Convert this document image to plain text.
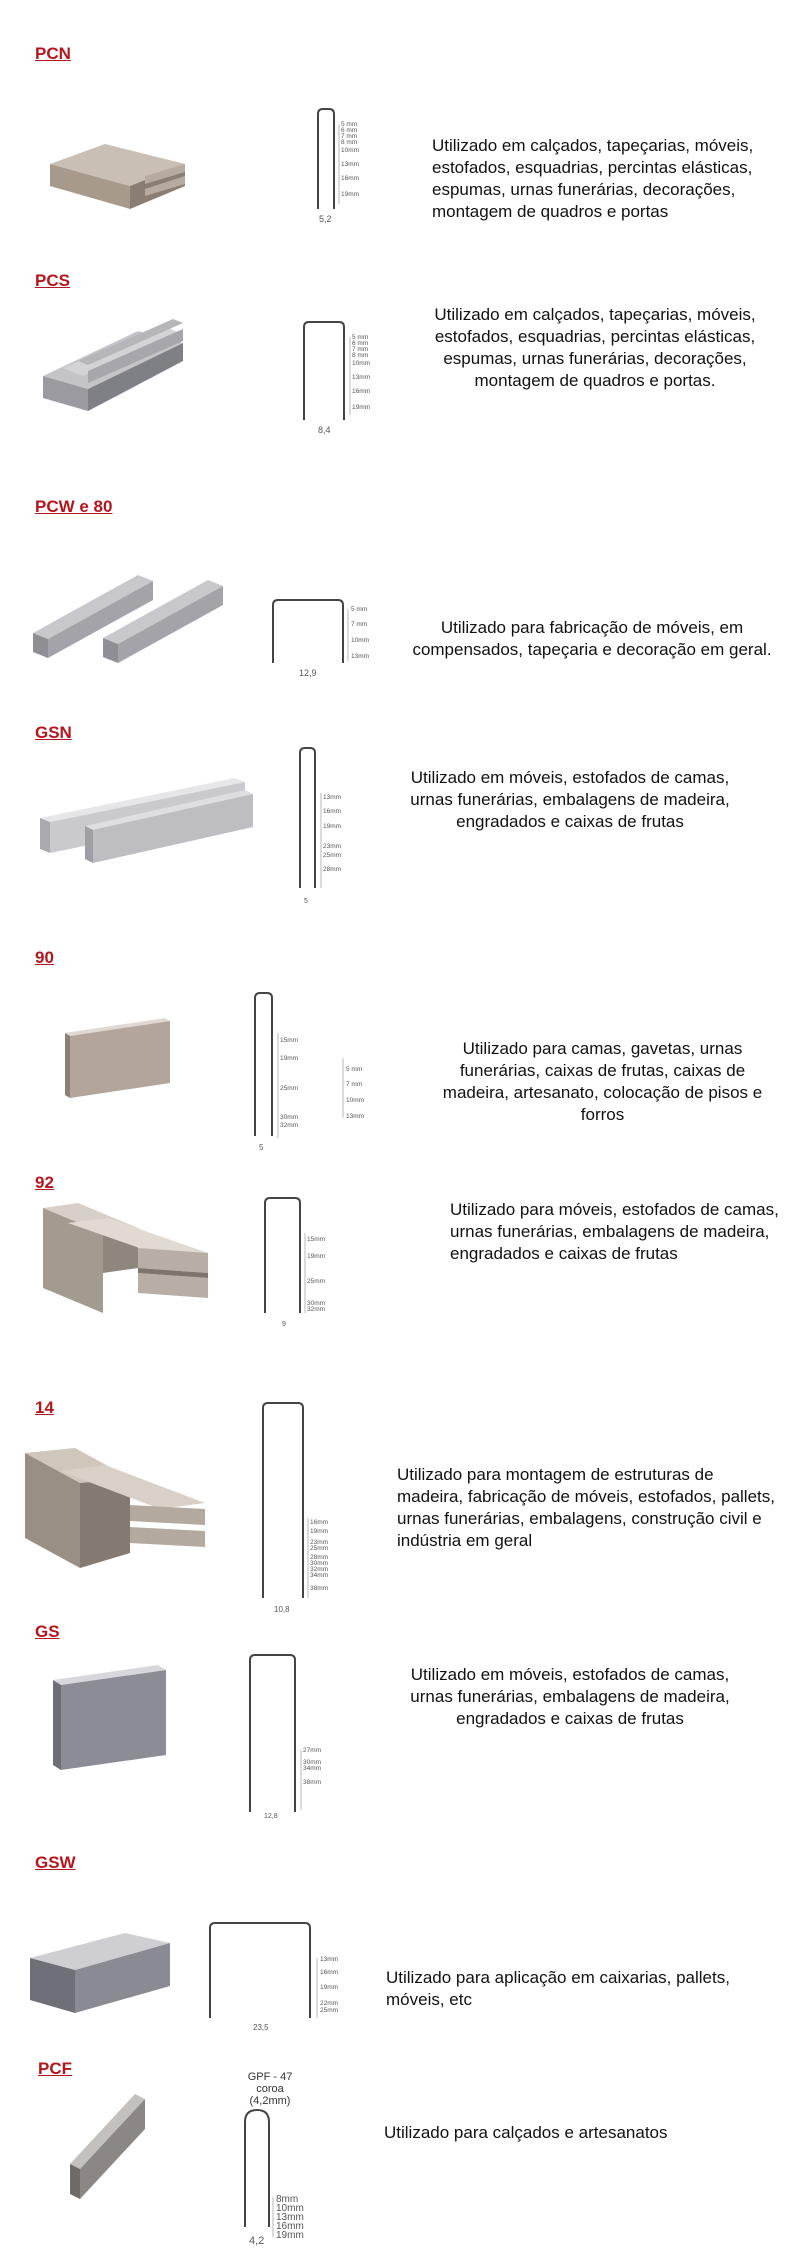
PCN
5 mm
6 mm
7 mm
8 mm
10mm
13mm
16mm
19mm
5,2
Utilizado em calçados, tapeçarias, móveis, estofados, esquadrias, percintas elásticas, espumas, urnas funerárias, decorações, montagem de quadros e portas
PCS
5 mm
6 mm
7 mm
8 mm
10mm
13mm
16mm
19mm
8,4
Utilizado em calçados, tapeçarias, móveis, estofados, esquadrias, percintas elásticas, espumas, urnas funerárias, decorações, montagem de quadros e portas.
PCW e 80
5 mm
7 mm
10mm
13mm
12,9
Utilizado para fabricação de móveis, em compensados, tapeçaria e decoração em geral.
GSN
13mm
16mm
19mm
23mm
25mm
28mm
5
Utilizado em móveis, estofados de camas, urnas funerárias, embalagens de madeira, engradados e caixas de frutas
90
15mm
19mm
25mm
30mm
32mm
5
5 mm
7 mm
10mm
13mm
Utilizado para camas, gavetas, urnas funerárias, caixas de frutas, caixas de madeira, artesanato, colocação de pisos e forros
92
15mm
19mm
25mm
30mm
32mm
9
Utilizado para móveis, estofados de camas, urnas funerárias, embalagens de madeira, engradados e caixas de frutas
14
16mm
19mm
23mm
25mm
28mm
30mm
32mm
34mm
38mm
10,8
Utilizado para montagem de estruturas de madeira, fabricação de móveis, estofados, pallets, urnas funerárias, embalagens, construção civil e indústria em geral
GS
27mm
30mm
34mm
38mm
12,8
Utilizado em móveis, estofados de camas, urnas funerárias, embalagens de madeira, engradados e caixas de frutas
GSW
13mm
16mm
19mm
22mm
25mm
23,5
Utilizado para aplicação em caixarias, pallets, móveis, etc
PCF	GPF - 47
coroa
(4,2mm)
8mm
10mm
13mm
16mm
19mm
4,2
Utilizado para calçados e artesanatos
